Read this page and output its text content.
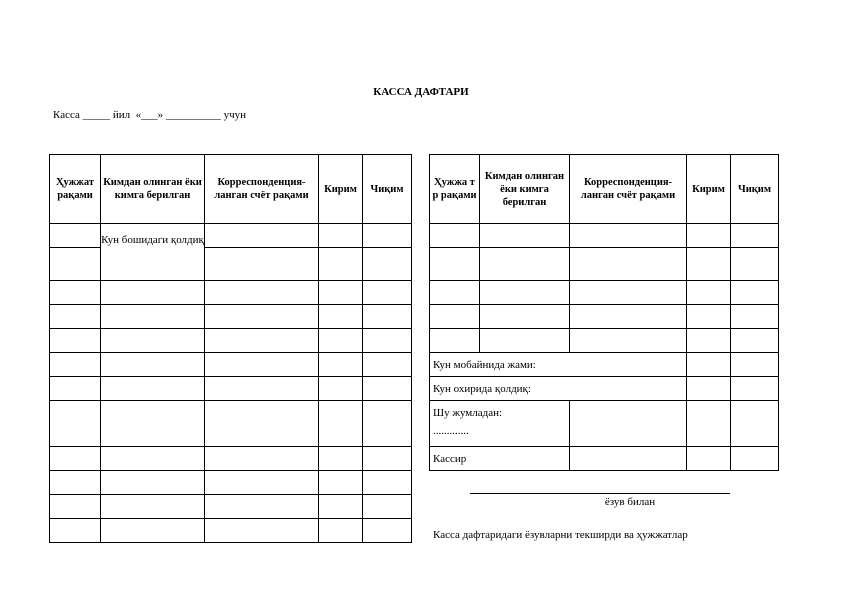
КАССА ДАФТАРИ
Касса _____ йил  «___» __________ учун
Ҳужжат рақами	Кимдан олинган ёки кимга берилган	Корреспонденция-ланган счёт рақами	Кирим	Чиқим
	Кун бошидаги қолдиқ			

Ҳужжа т р рақами	Кимдан олинган ёки кимга берилган	Корреспонденция-ланган счёт рақами	Кирим	Чиқим

Кун мобайнида жами:				
Кун охирида қолдиқ:				

Шу жумладан:
.............				

Кассир				
ёзув билан
Касса дафтаридаги ёзувларни текширди ва ҳужжатлар
